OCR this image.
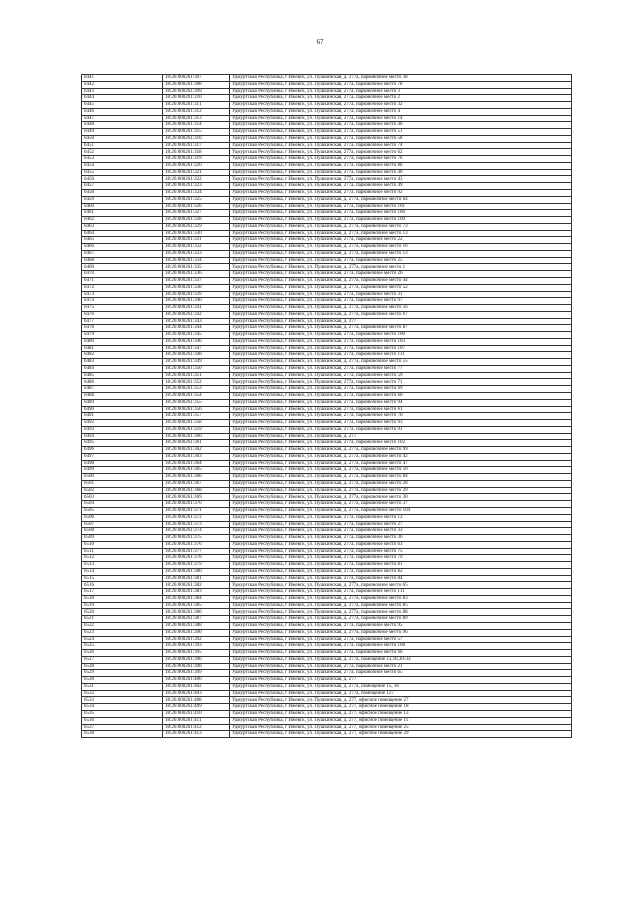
67
6441	18:26:000261:307	Удмуртская Республика, г Ижевск, ул. Пушкинская, д. 277а, парковочное место 38
6442	18:26:000261:308	Удмуртская Республика, г Ижевск, ул. Пушкинская, 277а, парковочное место 78
6443	18:26:000261:309	Удмуртская Республика, г Ижевск, ул. Пушкинская, 277а, парковочное место 3
6444	18:26:000261:310	Удмуртская Республика, г Ижевск, ул. Пушкинская, 277а, парковочное место 2
6445	18:26:000261:311	Удмуртская Республика, г Ижевск, ул. Пушкинская, 277а, парковочное место 32
6446	18:26:000261:312	Удмуртская Республика, г Ижевск, ул. Пушкинская, 277а, парковочное место 4
6447	18:26:000261:313	Удмуртская Республика, г Ижевск, ул. Пушкинская, 277а, парковочное место 14
6448	18:26:000261:314	Удмуртская Республика, г Ижевск, ул. Пушкинская, 277а, парковочное место 46
6449	18:26:000261:315	Удмуртская Республика, г Ижевск, ул. Пушкинская, 277а, парковочное место 51
6450	18:26:000261:316	Удмуртская Республика, г Ижевск, ул. Пушкинская, 277а, парковочное место 58
6451	18:26:000261:317	Удмуртская Республика, г Ижевск, ул. Пушкинская, 277а, парковочное место 74
6452	18:26:000261:318	Удмуртская Республика, г Ижевск, ул. Пушкинская, 277а, парковочное место 62
6453	18:26:000261:319	Удмуртская Республика, г Ижевск, ул. Пушкинская, 277а, парковочное место 76
6454	18:26:000261:320	Удмуртская Республика, г Ижевск, ул. Пушкинская, 277а, парковочное место 86
6455	18:26:000261:321	Удмуртская Республика, г Ижевск, ул. Пушкинская, 277а, парковочное место 40
6456	18:26:000261:322	Удмуртская Республика, г Ижевск, ул. Пушкинская, 277а, парковочное место 43
6457	18:26:000261:323	Удмуртская Республика, г Ижевск, ул. Пушкинская, 277а, парковочное место 49
6458	18:26:000261:324	Удмуртская Республика, г Ижевск, ул. Пушкинская, 277а, парковочное место 92
6459	18:26:000261:325	Удмуртская Республика, г Ижевск, ул. Пушкинская, д. 277а, парковочное место 64
6460	18:26:000261:326	Удмуртская Республика, г Ижевск, ул. Пушкинская, 277а, парковочное место 101
6461	18:26:000261:327	Удмуртская Республика, г Ижевск, ул. Пушкинская, 277а, парковочное место 106
6462	18:26:000261:328	Удмуртская Республика, г Ижевск, ул. Пушкинская, 277а, парковочное место 109
6463	18:26:000261:329	Удмуртская Республика, г Ижевск, ул. Пушкинская, д. 277а, парковочное место 73
6464	18:26:000261:330	Удмуртская Республика, г Ижевск, ул. Пушкинская, д. 277а, парковочное место 13
6465	18:26:000261:331	Удмуртская Республика, г Ижевск, ул. Пушкинская, 277а, парковочное место 22
6466	18:26:000261:332	Удмуртская Республика, г Ижевск, ул. Пушкинская, д. 277а, парковочное место 16
6467	18:26:000261:333	Удмуртская Республика, г Ижевск, ул. Пушкинская, д. 277а, парковочное место 13
6468	18:26:000261:334	Удмуртская Республика, г Ижевск, ул. Пушкинская, 277а, парковочное место 25
6469	18:26:000261:335	Удмуртская Республика, г Ижевск, ул. Пушкинская, д. 277а, парковочное место 1
6470	18:26:000261:336	Удмуртская Республика, г Ижевск, ул. Пушкинская, 277а, парковочное место 26
6471	18:26:000261:337	Удмуртская Республика, г Ижевск, ул. Пушкинская, д. 277а, парковочное место 44
6472	18:26:000261:338	Удмуртская Республика, г Ижевск, ул. Пушкинская, д. 277а, парковочное место 52
6473	18:26:000261:339	Удмуртская Республика, г Ижевск, ул. Пушкинская, 277а, парковочное место 31
6474	18:26:000261:340	Удмуртская Республика, г Ижевск, ул. Пушкинская, 277а, парковочное место 97
6475	18:26:000261:341	Удмуртская Республика, г Ижевск, ул. Пушкинская, д. 277а, парковочное место 56
6476	18:26:000261:342	Удмуртская Республика, г Ижевск, ул. Пушкинская, д. 277а, парковочное место 67
6477	18:26:000261:343	Удмуртская Республика, г Ижевск, ул. Пушкинская, д. 277
6478	18:26:000261:344	Удмуртская Республика, г Ижевск, ул. Пушкинская, д. 277а, парковочное место 87
6479	18:26:000261:345	Удмуртская Республика, г Ижевск, ул. Пушкинская, 277а, парковочное место 100
6480	18:26:000261:346	Удмуртская Республика, г Ижевск, ул. Пушкинская, 277а, парковочное место 103
6481	18:26:000261:347	Удмуртская Республика, г Ижевск, ул. Пушкинская, 277а, парковочное место 107
6482	18:26:000261:348	Удмуртская Республика, г Ижевск, ул. Пушкинская, 277а, парковочное место 111
6483	18:26:000261:349	Удмуртская Республика, г Ижевск, ул. Пушкинская, д. 277а, парковочное место 55
6484	18:26:000261:350	Удмуртская Республика, г Ижевск, ул. Пушкинская, 277а, парковочное место 77
6485	18:26:000261:351	Удмуртская Республика, г Ижевск, ул. Пушкинская, 277а, парковочное место 59
6486	18:26:000261:352	Удмуртская Республика, г Ижевск, ул. Пушкинская, 277а, парковочное место 71
6487	18:26:000261:353	Удмуртская Республика, г Ижевск, ул. Пушкинская, 277а, парковочное место 69
6488	18:26:000261:354	Удмуртская Республика, г Ижевск, ул. Пушкинская, 277а, парковочное место 60
6489	18:26:000261:355	Удмуртская Республика, г Ижевск, ул. Пушкинская, 277а, парковочное место 94
6490	18:26:000261:356	Удмуртская Республика, г Ижевск, ул. Пушкинская, 277а, парковочное место 61
6491	18:26:000261:357	Удмуртская Республика, г Ижевск, ул. Пушкинская, 277а, парковочное место 70
6492	18:26:000261:358	Удмуртская Республика, г Ижевск, ул. Пушкинская, 277а, парковочное место 93
6493	18:26:000261:359	Удмуртская Республика, г Ижевск, ул. Пушкинская, 277а, парковочное место 91
6494	18:26:000261:360	Удмуртская Республика, г Ижевск, ул. Пушкинская, д. 277
6495	18:26:000261:361	Удмуртская Республика, г Ижевск, ул. Пушкинская, 277а, парковочное место 102
6496	18:26:000261:362	Удмуртская Республика, г Ижевск, ул. Пушкинская, д. 277а, парковочное место 99
6497	18:26:000261:363	Удмуртская Республика, г Ижевск, ул. Пушкинская, д. 277а, парковочное место 42
6498	18:26:000261:364	Удмуртская Республика, г Ижевск, ул. Пушкинская, д. 277а, парковочное место 47
6499	18:26:000261:365	Удмуртская Республика, г Ижевск, ул. Пушкинская, д. 277а, парковочное место 50
6500	18:26:000261:366	Удмуртская Республика, г Ижевск, ул. Пушкинская, д. 277а, парковочное место 84
6501	18:26:000261:367	Удмуртская Республика, г Ижевск, ул. Пушкинская, д. 277а, парковочное место 28
6502	18:26:000261:368	Удмуртская Республика, г Ижевск, ул. Пушкинская, д. 277а, парковочное место 29
6503	18:26:000261:369	Удмуртская Республика, г Ижевск, ул. Пушкинская, д. 277а, парковочное место 30
6504	18:26:000261:370	Удмуртская Республика, г Ижевск, ул. Пушкинская, д. 277а, парковочное место 37
6505	18:26:000261:371	Удмуртская Республика, г Ижевск, ул. Пушкинская, д. 277а, парковочное место 104
6506	18:26:000261:372	Удмуртская Республика, г Ижевск, ул. Пушкинская, 277а, парковочное место 12
6507	18:26:000261:373	Удмуртская Республика, г Ижевск, ул. Пушкинская, 277а, парковочное место 27
6508	18:26:000261:374	Удмуртская Республика, г Ижевск, ул. Пушкинская, 277а, парковочное место 33
6509	18:26:000261:375	Удмуртская Республика, г Ижевск, ул. Пушкинская, 277а, парковочное место 36
6510	18:26:000261:376	Удмуртская Республика, г Ижевск, ул. Пушкинская, 277а, парковочное место 63
6511	18:26:000261:377	Удмуртская Республика, г Ижевск, ул. Пушкинская, 277а, парковочное место 75
6512	18:26:000261:378	Удмуртская Республика, г Ижевск, ул. Пушкинская, 277а, парковочное место 79
6513	18:26:000261:379	Удмуртская Республика, г Ижевск, ул. Пушкинская, 277а, парковочное место 81
6514	18:26:000261:380	Удмуртская Республика, г Ижевск, ул. Пушкинская, 277а, парковочное место 82
6515	18:26:000261:381	Удмуртская Республика, г Ижевск, ул. Пушкинская, 277а, парковочное место 84
6516	18:26:000261:382	Удмуртская Республика, г Ижевск, ул. Пушкинская, д. 277а, парковочное место 65
6517	18:26:000261:383	Удмуртская Республика, г Ижевск, ул. Пушкинская, 277а, парковочное место 111
6518	18:26:000261:384	Удмуртская Республика, г Ижевск, ул. Пушкинская, д. 277а, парковочное место 83
6519	18:26:000261:385	Удмуртская Республика, г Ижевск, ул. Пушкинская, д. 277а, парковочное место 85
6520	18:26:000261:386	Удмуртская Республика, г Ижевск, ул. Пушкинская, д. 277а, парковочное место 88
6521	18:26:000261:387	Удмуртская Республика, г Ижевск, ул. Пушкинская, д. 277а, парковочное место 89
6522	18:26:000261:388	Удмуртская Республика, г Ижевск, ул. Пушкинская, 277а, парковочное место 95
6523	18:26:000261:390	Удмуртская Республика, г Ижевск, ул. Пушкинская, д. 277а, парковочное место 96
6524	18:26:000261:392	Удмуртская Республика, г Ижевск, ул. Пушкинская, 277а, парковочное место 57
6525	18:26:000261:393	Удмуртская Республика, г Ижевск, ул. Пушкинская, 277а, парковочное место 108
6526	18:26:000261:395	Удмуртская Республика, г Ижевск, ул. Пушкинская, 277а, парковочное место 66
6527	18:26:000261:396	Удмуртская Республика, г Ижевск, ул. Пушкинская, д. 277а, помещение 13,18,30-33
6528	18:26:000261:398	Удмуртская Республика, г Ижевск, ул. Пушкинская, 277а, парковочное место 21
6529	18:26:000261:399	Удмуртская Республика, г Ижевск, ул. Пушкинская, 277а, парковочное место 65
6530	18:26:000261:400	Удмуртская Республика, г Ижевск, ул. Пушкинская, д. 277
6531	18:26:000261:402	Удмуртская Республика, г Ижевск, ул. Пушкинская, д. 277а, помещение 15, 16
6532	18:26:000261:403	Удмуртская Республика, г Ижевск, ул. Пушкинская, д. 277а, помещение 127
6533	18:26:000261:408	Удмуртская Республика, г Ижевск, ул. Пушкинская, д. 277, офисное помещение 27
6534	18:26:000261:409	Удмуртская Республика, г Ижевск, ул. Пушкинская, д. 277, офисное помещение 18
6535	18:26:000261:410	Удмуртская Республика, г Ижевск, ул. Пушкинская, д. 277, офисное помещение 13
6536	18:26:000261:411	Удмуртская Республика, г Ижевск, ул. Пушкинская, д. 277, офисное помещение 11
6537	18:26:000261:412	Удмуртская Республика, г Ижевск, ул. Пушкинская, д. 277, офисное помещение 25
6538	18:26:000261:413	Удмуртская Республика, г Ижевск, ул. Пушкинская, д. 277, офисное помещение 29
